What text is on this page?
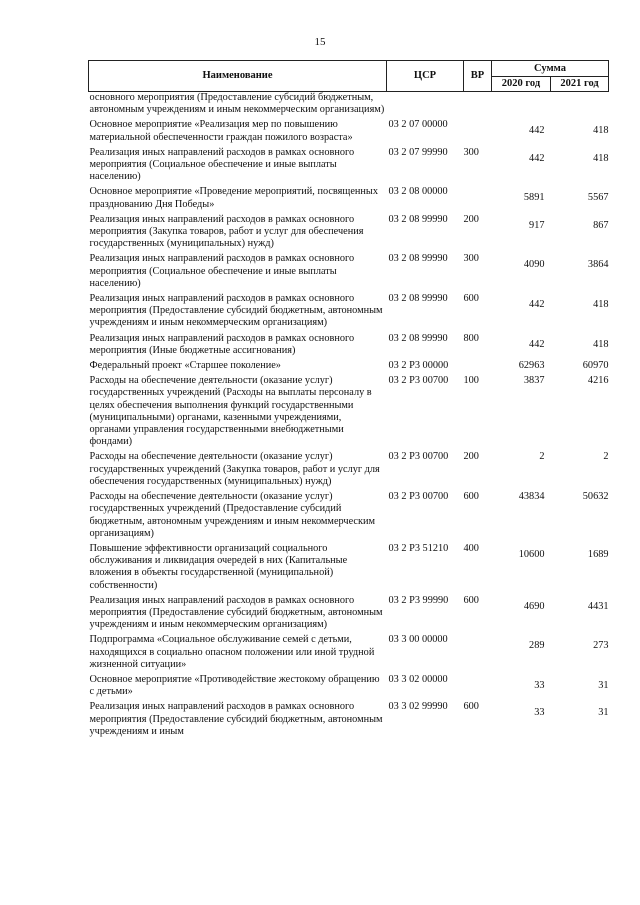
15
Наименование	ЦСР	ВР	Сумма	
			2020 год	2021 год
основного мероприятия (Предоставление субсидий бюджетным, автономным учреждениям и иным некоммерческим организациям)				
Основное мероприятие «Реализация мер по повышению материальной обеспеченности граждан пожилого возраста»	03 2 07 00000		442	418
Реализация иных направлений расходов в рамках основного мероприятия (Социальное обеспечение и иные выплаты населению)	03 2 07 99990	300	442	418
Основное мероприятие «Проведение мероприятий, посвященных празднованию Дня Победы»	03 2 08 00000		5891	5567
Реализация иных направлений расходов в рамках основного мероприятия (Закупка товаров, работ и услуг для обеспечения государственных (муниципальных) нужд)	03 2 08 99990	200	917	867
Реализация иных направлений расходов в рамках основного мероприятия (Социальное обеспечение и иные выплаты населению)	03 2 08 99990	300	4090	3864
Реализация иных направлений расходов в рамках основного мероприятия (Предоставление субсидий бюджетным, автономным учреждениям и иным некоммерческим организациям)	03 2 08 99990	600	442	418
Реализация иных направлений расходов в рамках основного мероприятия (Иные бюджетные ассигнования)	03 2 08 99990	800	442	418
Федеральный проект «Старшее поколение»	03 2 P3 00000		62963	60970
Расходы на обеспечение деятельности (оказание услуг) государственных учреждений (Расходы на выплаты персоналу в целях обеспечения выполнения функций государственными (муниципальными) органами, казенными учреждениями, органами управления государственными внебюджетными фондами)	03 2 P3 00700	100	3837	4216
Расходы на обеспечение деятельности (оказание услуг) государственных учреждений (Закупка товаров, работ и услуг для обеспечения государственных (муниципальных) нужд)	03 2 P3 00700	200	2	2
Расходы на обеспечение деятельности (оказание услуг) государственных учреждений (Предоставление субсидий бюджетным, автономным учреждениям и иным некоммерческим организациям)	03 2 P3 00700	600	43834	50632
Повышение эффективности организаций социального обслуживания и ликвидация очередей в них (Капитальные вложения в объекты государственной (муниципальной) собственности)	03 2 P3 51210	400	10600	1689
Реализация иных направлений расходов в рамках основного мероприятия (Предоставление субсидий бюджетным, автономным учреждениям и иным некоммерческим организациям)	03 2 P3 99990	600	4690	4431
Подпрограмма «Социальное обслуживание семей с детьми, находящихся в социально опасном положении или иной трудной жизненной ситуации»	03 3 00 00000		289	273
Основное мероприятие «Противодействие жестокому обращению с детьми»	03 3 02 00000		33	31
Реализация иных направлений расходов в рамках основного мероприятия (Предоставление субсидий бюджетным, автономным учреждениям и иным	03 3 02 99990	600	33	31
